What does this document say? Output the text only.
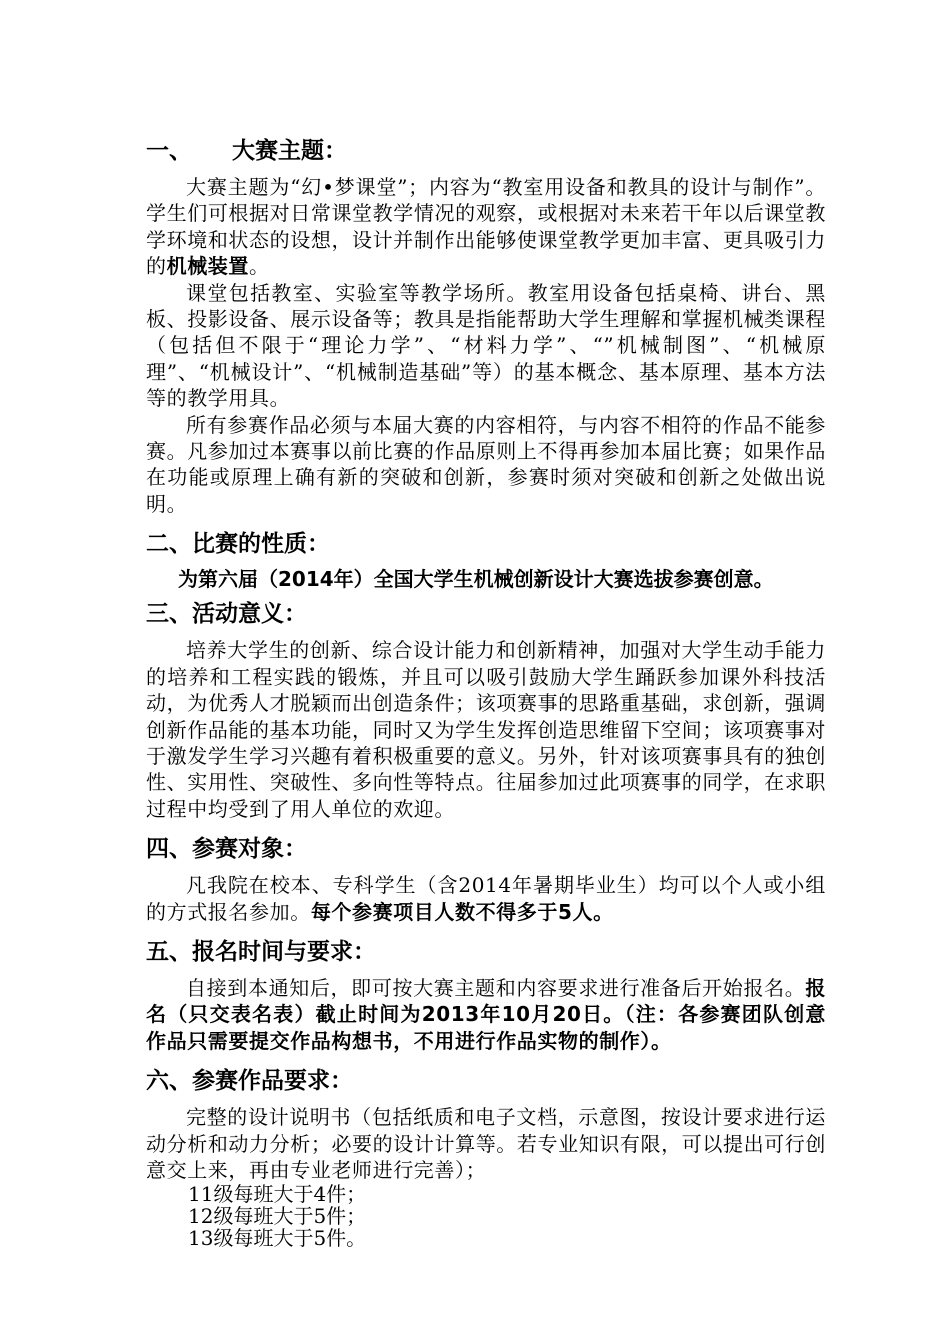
一、 大赛主题：

大赛主题为“幻•梦课堂”；内容为“教室用设备和教具的设计与制作”。学生们可根据对日常课堂教学情况的观察，或根据对未来若干年以后课堂教学环境和状态的设想，设计并制作出能够使课堂教学更加丰富、更具吸引力的机械装置。

课堂包括教室、实验室等教学场所。教室用设备包括桌椅、讲台、黑板、投影设备、展示设备等；教具是指能帮助大学生理解和掌握机械类课程（包括但不限于“理论力学”、“材料力学”、“”机械制图”、“机械原理”、“机械设计”、“机械制造基础”等）的基本概念、基本原理、基本方法等的教学用具。

所有参赛作品必须与本届大赛的内容相符，与内容不相符的作品不能参赛。凡参加过本赛事以前比赛的作品原则上不得再参加本届比赛；如果作品在功能或原理上确有新的突破和创新，参赛时须对突破和创新之处做出说明。

二、比赛的性质：

为第六届（2014年）全国大学生机械创新设计大赛选拔参赛创意。

三、活动意义：

培养大学生的创新、综合设计能力和创新精神，加强对大学生动手能力的培养和工程实践的锻炼，并且可以吸引鼓励大学生踊跃参加课外科技活动，为优秀人才脱颖而出创造条件；该项赛事的思路重基础，求创新，强调创新作品能的基本功能，同时又为学生发挥创造思维留下空间；该项赛事对于激发学生学习兴趣有着积极重要的意义。另外，针对该项赛事具有的独创性、实用性、突破性、多向性等特点。往届参加过此项赛事的同学，在求职过程中均受到了用人单位的欢迎。

四、参赛对象：

凡我院在校本、专科学生（含2014年暑期毕业生）均可以个人或小组的方式报名参加。每个参赛项目人数不得多于5人。

五、报名时间与要求：

自接到本通知后，即可按大赛主题和内容要求进行准备后开始报名。报名（只交表名表）截止时间为2013年10月20日。（注：各参赛团队创意作品只需要提交作品构想书，不用进行作品实物的制作）。

六、参赛作品要求：

完整的设计说明书（包括纸质和电子文档，示意图，按设计要求进行运动分析和动力分析；必要的设计计算等。若专业知识有限，可以提出可行创意交上来，再由专业老师进行完善）；

11级每班大于4件；

12级每班大于5件；

13级每班大于5件。
